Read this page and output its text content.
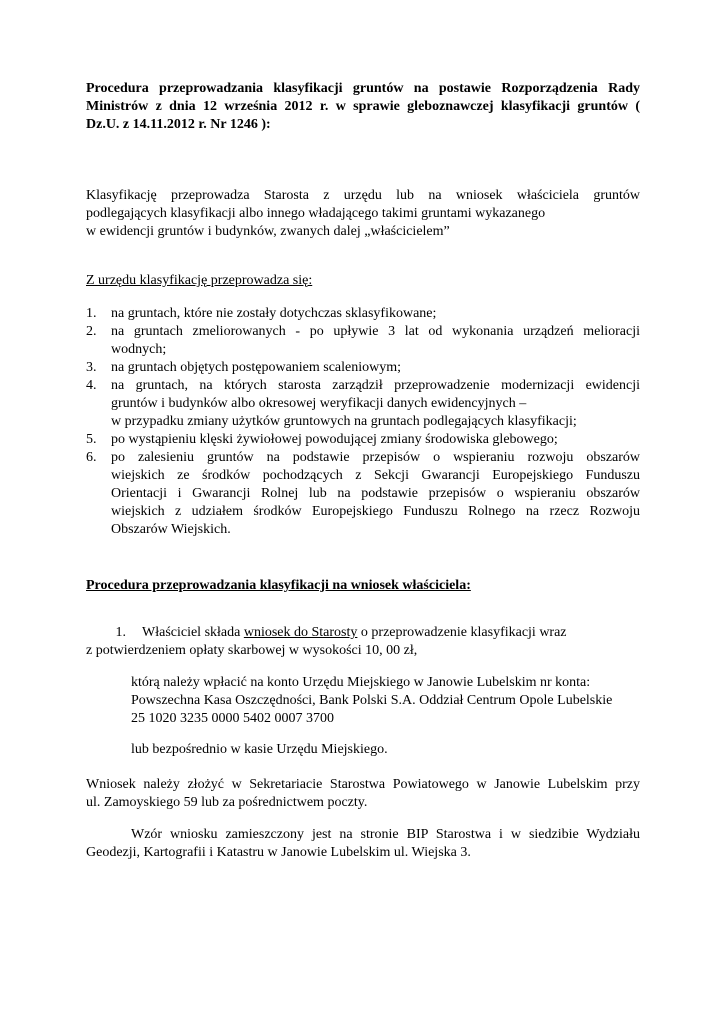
Procedura przeprowadzania klasyfikacji gruntów na postawie Rozporządzenia Rady
Ministrów z dnia 12 września 2012 r. w sprawie gleboznawczej klasyfikacji gruntów (
Dz.U. z 14.11.2012 r. Nr 1246 ):
Klasyfikację przeprowadza Starosta z urzędu lub na wniosek właściciela gruntów
podlegających klasyfikacji albo innego władającego takimi gruntami wykazanego
w ewidencji gruntów i budynków, zwanych dalej „właścicielem”
Z urzędu klasyfikację przeprowadza się:
1.	na gruntach, które nie zostały dotychczas sklasyfikowane;
2.	na gruntach zmeliorowanych - po upływie 3 lat od wykonania urządzeń melioracji
wodnych;
3.	na gruntach objętych postępowaniem scaleniowym;
4.	na gruntach, na których starosta zarządził przeprowadzenie modernizacji ewidencji
gruntów i budynków albo okresowej weryfikacji danych ewidencyjnych –
w przypadku zmiany użytków gruntowych na gruntach podlegających klasyfikacji;
5.	po wystąpieniu klęski żywiołowej powodującej zmiany środowiska glebowego;
6.	po zalesieniu gruntów na podstawie przepisów o wspieraniu rozwoju obszarów
wiejskich ze środków pochodzących z Sekcji Gwarancji Europejskiego Funduszu
Orientacji i Gwarancji Rolnej lub na podstawie przepisów o wspieraniu obszarów
wiejskich z udziałem środków Europejskiego Funduszu Rolnego na rzecz Rozwoju
Obszarów Wiejskich.
Procedura przeprowadzania klasyfikacji na wniosek właściciela:
1. Właściciel składa wniosek do Starosty o przeprowadzenie klasyfikacji wraz
z potwierdzeniem opłaty skarbowej w wysokości 10, 00 zł,
którą należy wpłacić na konto Urzędu Miejskiego w Janowie Lubelskim nr konta:
Powszechna Kasa Oszczędności, Bank Polski S.A. Oddział Centrum Opole Lubelskie
25 1020 3235 0000 5402 0007 3700
lub bezpośrednio w kasie Urzędu Miejskiego.
Wniosek należy złożyć w Sekretariacie Starostwa Powiatowego w Janowie Lubelskim przy
ul. Zamoyskiego 59 lub za pośrednictwem poczty.
Wzór wniosku zamieszczony jest na stronie BIP Starostwa i w siedzibie Wydziału
Geodezji, Kartografii i Katastru w Janowie Lubelskim ul. Wiejska 3.
